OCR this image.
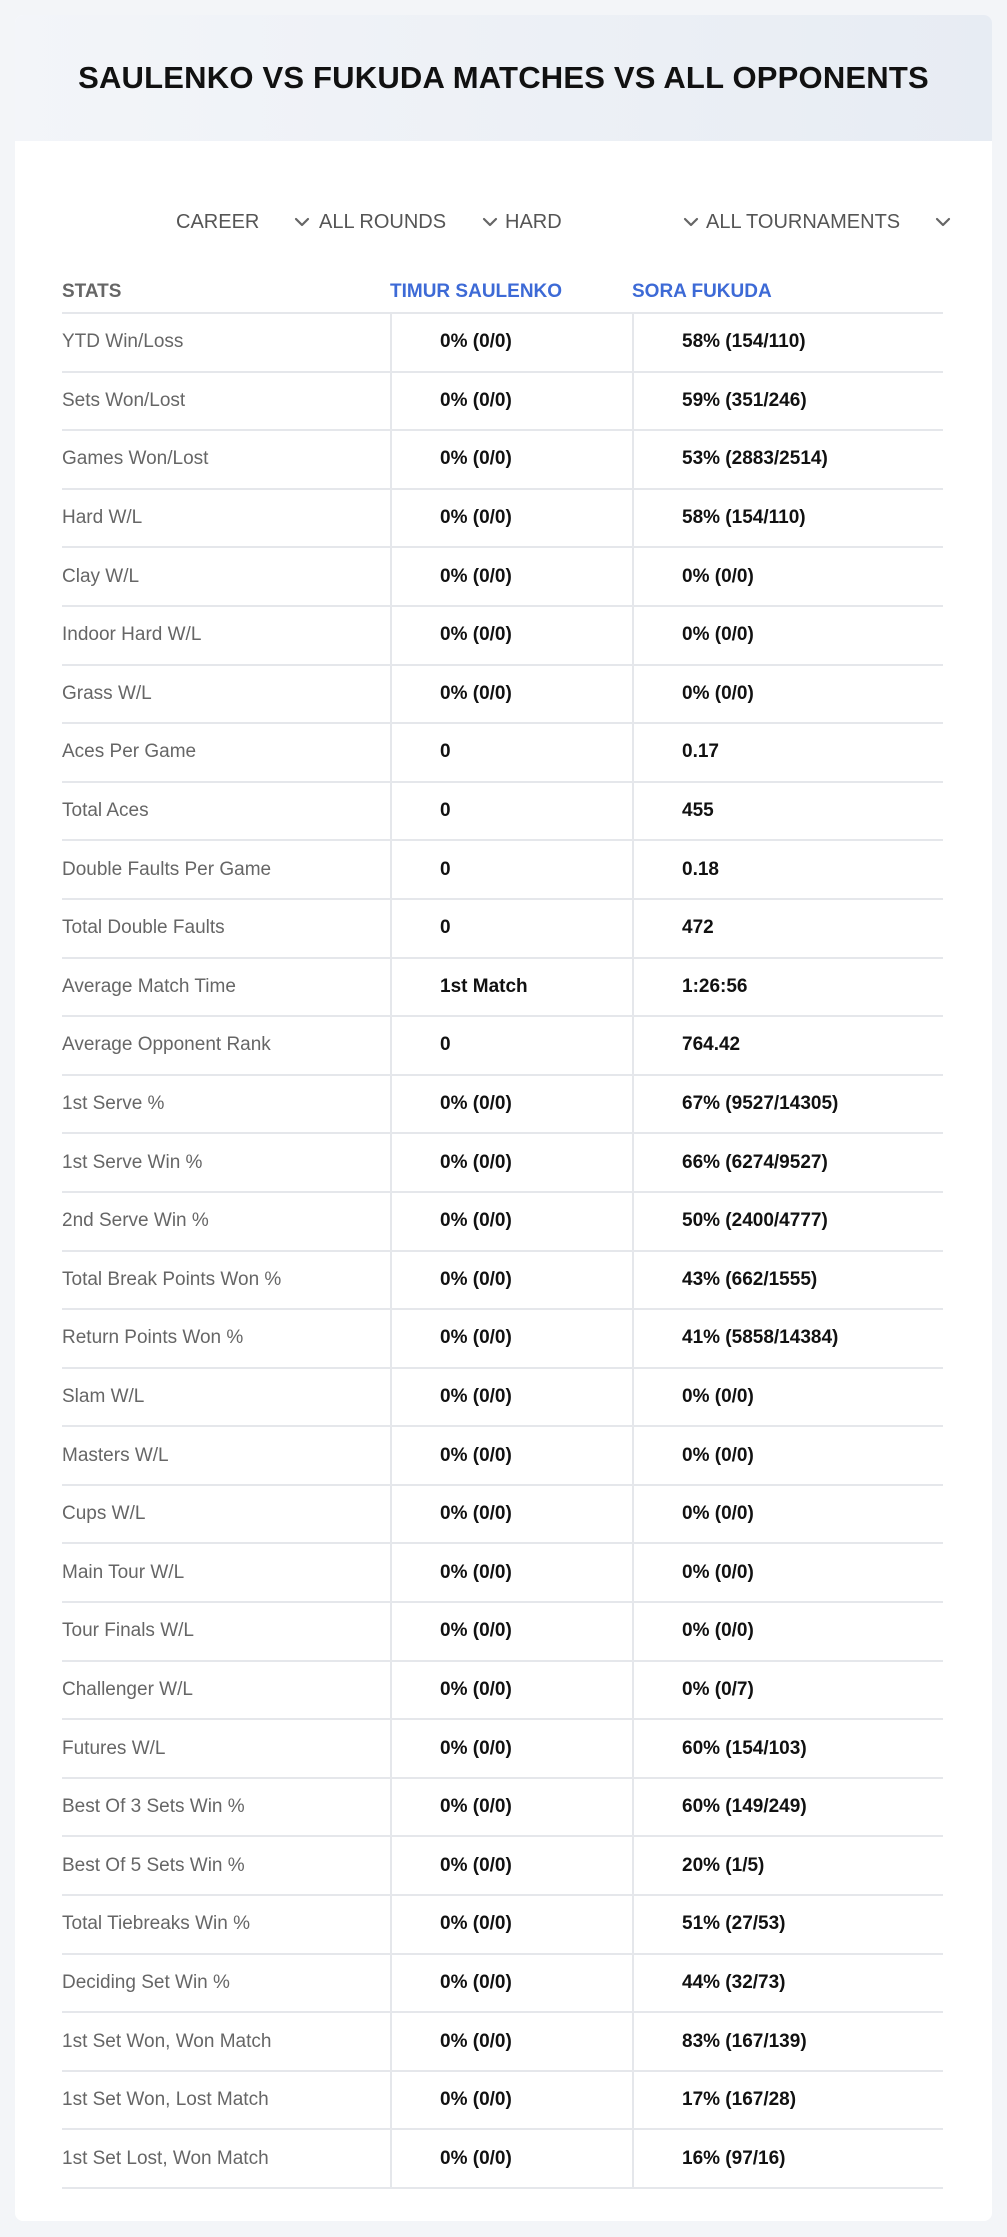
SAULENKO VS FUKUDA MATCHES VS ALL OPPONENTS
CAREER	ALL ROUNDS	HARD	ALL TOURNAMENTS
STATS	TIMUR SAULENKO	SORA FUKUDA
YTD Win/Loss	0% (0/0)	58% (154/110)
Sets Won/Lost	0% (0/0)	59% (351/246)
Games Won/Lost	0% (0/0)	53% (2883/2514)
Hard W/L	0% (0/0)	58% (154/110)
Clay W/L	0% (0/0)	0% (0/0)
Indoor Hard W/L	0% (0/0)	0% (0/0)
Grass W/L	0% (0/0)	0% (0/0)
Aces Per Game	0	0.17
Total Aces	0	455
Double Faults Per Game	0	0.18
Total Double Faults	0	472
Average Match Time	1st Match	1:26:56
Average Opponent Rank	0	764.42
1st Serve %	0% (0/0)	67% (9527/14305)
1st Serve Win %	0% (0/0)	66% (6274/9527)
2nd Serve Win %	0% (0/0)	50% (2400/4777)
Total Break Points Won %	0% (0/0)	43% (662/1555)
Return Points Won %	0% (0/0)	41% (5858/14384)
Slam W/L	0% (0/0)	0% (0/0)
Masters W/L	0% (0/0)	0% (0/0)
Cups W/L	0% (0/0)	0% (0/0)
Main Tour W/L	0% (0/0)	0% (0/0)
Tour Finals W/L	0% (0/0)	0% (0/0)
Challenger W/L	0% (0/0)	0% (0/7)
Futures W/L	0% (0/0)	60% (154/103)
Best Of 3 Sets Win %	0% (0/0)	60% (149/249)
Best Of 5 Sets Win %	0% (0/0)	20% (1/5)
Total Tiebreaks Win %	0% (0/0)	51% (27/53)
Deciding Set Win %	0% (0/0)	44% (32/73)
1st Set Won, Won Match	0% (0/0)	83% (167/139)
1st Set Won, Lost Match	0% (0/0)	17% (167/28)
1st Set Lost, Won Match	0% (0/0)	16% (97/16)
